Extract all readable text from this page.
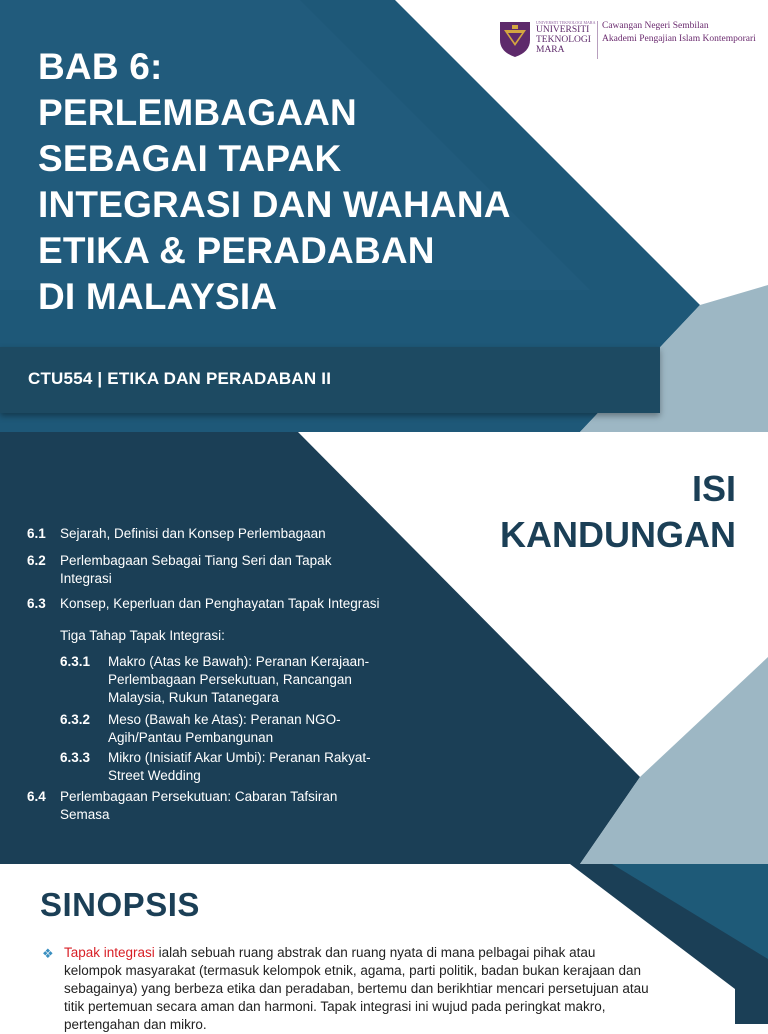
BAB 6:
PERLEMBAGAAN
SEBAGAI TAPAK
INTEGRASI DAN WAHANA
ETIKA & PERADABAN
DI MALAYSIA
CTU554 | ETIKA DAN PERADABAN II
UNIVERSITI TEKNOLOGI MARA
UNIVERSITI
TEKNOLOGI
MARA
Cawangan Negeri Sembilan
Akademi Pengajian Islam Kontemporari
ISI
KANDUNGAN
6.1 Sejarah, Definisi dan Konsep Perlembagaan
6.2 Perlembagaan Sebagai Tiang Seri dan Tapak
Integrasi
6.3 Konsep, Keperluan dan Penghayatan Tapak Integrasi
Tiga Tahap Tapak Integrasi:
6.3.1 Makro (Atas ke Bawah): Peranan Kerajaan-
Perlembagaan Persekutuan, Rancangan
Malaysia, Rukun Tatanegara
6.3.2 Meso (Bawah ke Atas): Peranan NGO-
Agih/Pantau Pembangunan
6.3.3 Mikro (Inisiatif Akar Umbi): Peranan Rakyat-
Street Wedding
6.4 Perlembagaan Persekutuan: Cabaran Tafsiran
Semasa
SINOPSIS
❖ Tapak integrasi ialah sebuah ruang abstrak dan ruang nyata di mana pelbagai pihak atau
kelompok masyarakat (termasuk kelompok etnik, agama, parti politik, badan bukan kerajaan dan
sebagainya) yang berbeza etika dan peradaban, bertemu dan berikhtiar mencari persetujuan atau
titik pertemuan secara aman dan harmoni. Tapak integrasi ini wujud pada peringkat makro,
pertengahan dan mikro.
